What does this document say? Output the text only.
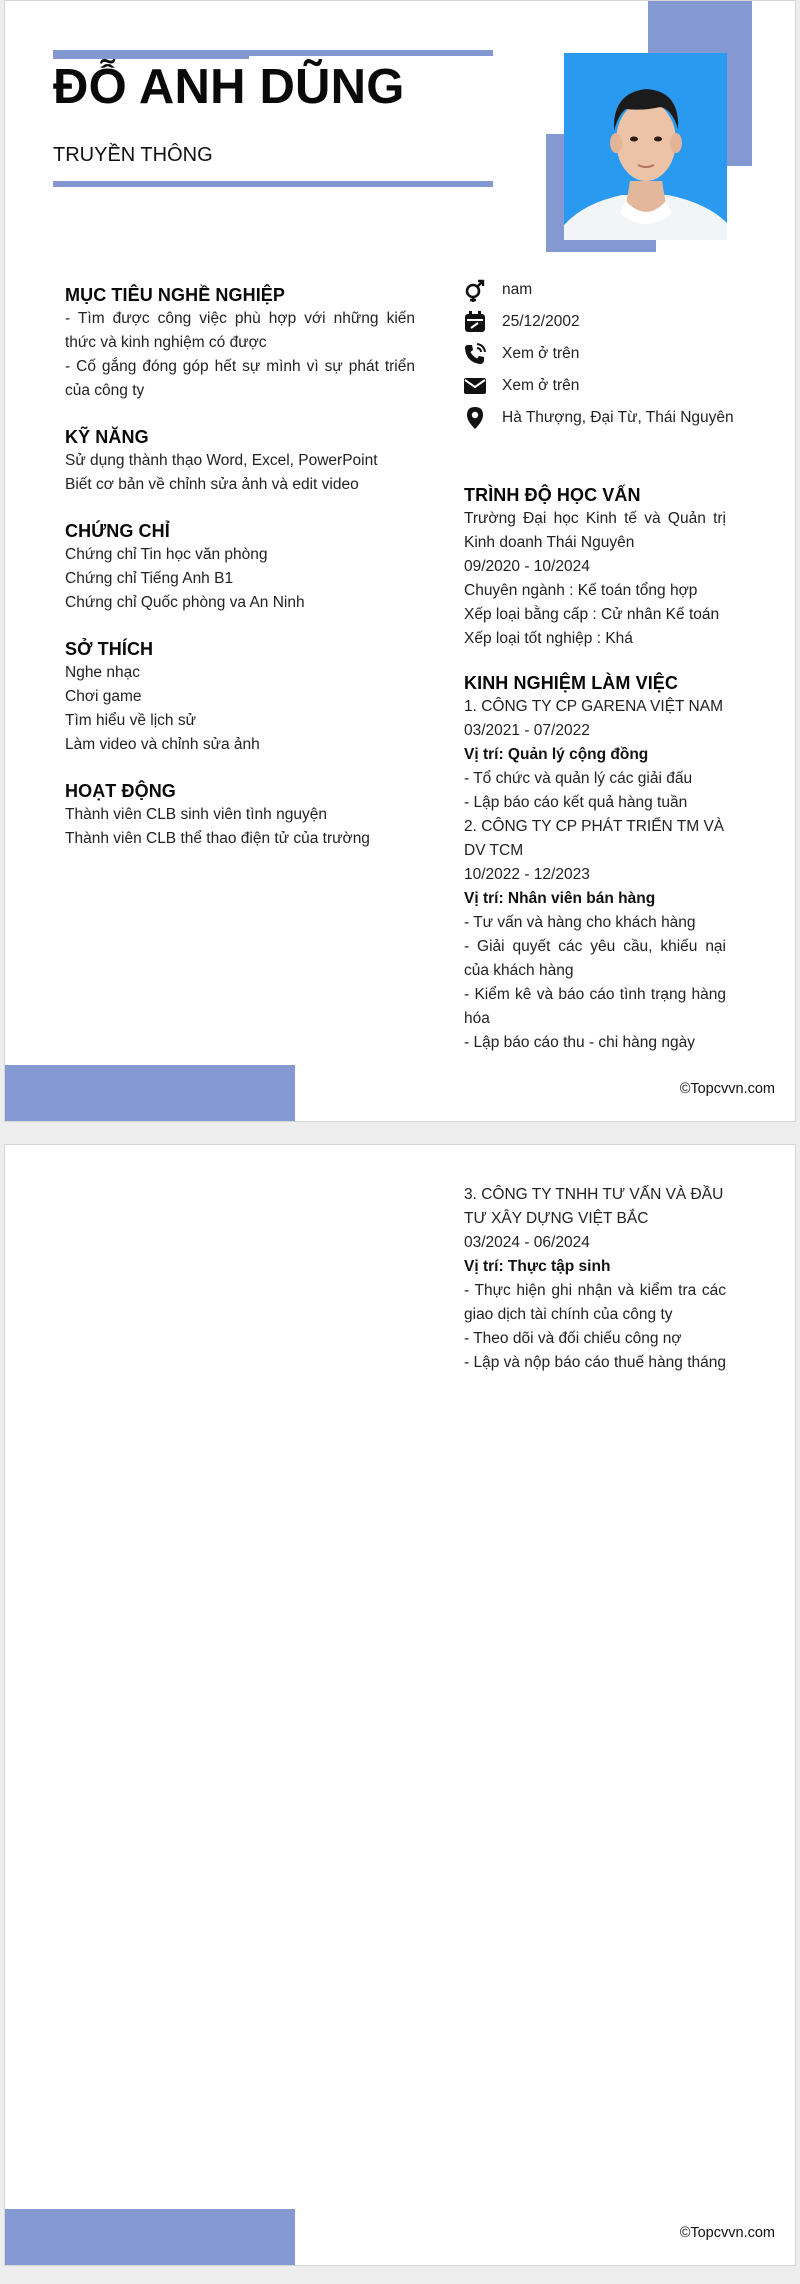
ĐỖ ANH DŨNG
TRUYỀN THÔNG
nam
25/12/2002
Xem ở trên
Xem ở trên
Hà Thượng, Đại Từ, Thái Nguyên
MỤC TIÊU NGHỀ NGHIỆP
- Tìm được công việc phù hợp với những kiến thức và kinh nghiệm có được
- Cố gắng đóng góp hết sự mình vì sự phát triển của công ty
KỸ NĂNG
Sử dụng thành thạo Word, Excel, PowerPoint
Biết cơ bản về chỉnh sửa ảnh và edit video
CHỨNG CHỈ
Chứng chỉ Tin học văn phòng
Chứng chỉ Tiếng Anh B1
Chứng chỉ Quốc phòng va An Ninh
SỞ THÍCH
Nghe nhạc
Chơi game
Tìm hiểu về lịch sử
Làm video và chỉnh sửa ảnh
HOẠT ĐỘNG
Thành viên CLB sinh viên tình nguyện
Thành viên CLB thể thao điện tử của trường
TRÌNH ĐỘ HỌC VẤN
Trường Đại học Kinh tế và Quản trị Kinh doanh Thái Nguyên
09/2020 - 10/2024
Chuyên ngành : Kế toán tổng hợp
Xếp loại bằng cấp : Cử nhân Kế toán
Xếp loại tốt nghiệp : Khá
KINH NGHIỆM LÀM VIỆC
1. CÔNG TY CP GARENA VIỆT NAM
03/2021 - 07/2022
Vị trí: Quản lý cộng đồng
- Tổ chức và quản lý các giải đấu
- Lập báo cáo kết quả hàng tuần
2. CÔNG TY CP PHÁT TRIỂN TM VÀ DV TCM
10/2022 - 12/2023
Vị trí: Nhân viên bán hàng
- Tư vấn và hàng cho khách hàng
- Giải quyết các yêu cầu, khiếu nại của khách hàng
- Kiểm kê và báo cáo tình trạng hàng hóa
- Lập báo cáo thu - chi hàng ngày
©Topcvvn.com
3. CÔNG TY TNHH TƯ VẤN VÀ ĐẦU TƯ XÂY DỰNG VIỆT BẮC
03/2024 - 06/2024
Vị trí: Thực tập sinh
- Thực hiện ghi nhận và kiểm tra các giao dịch tài chính của công ty
- Theo dõi và đối chiếu công nợ
- Lập và nộp báo cáo thuế hàng tháng
©Topcvvn.com
